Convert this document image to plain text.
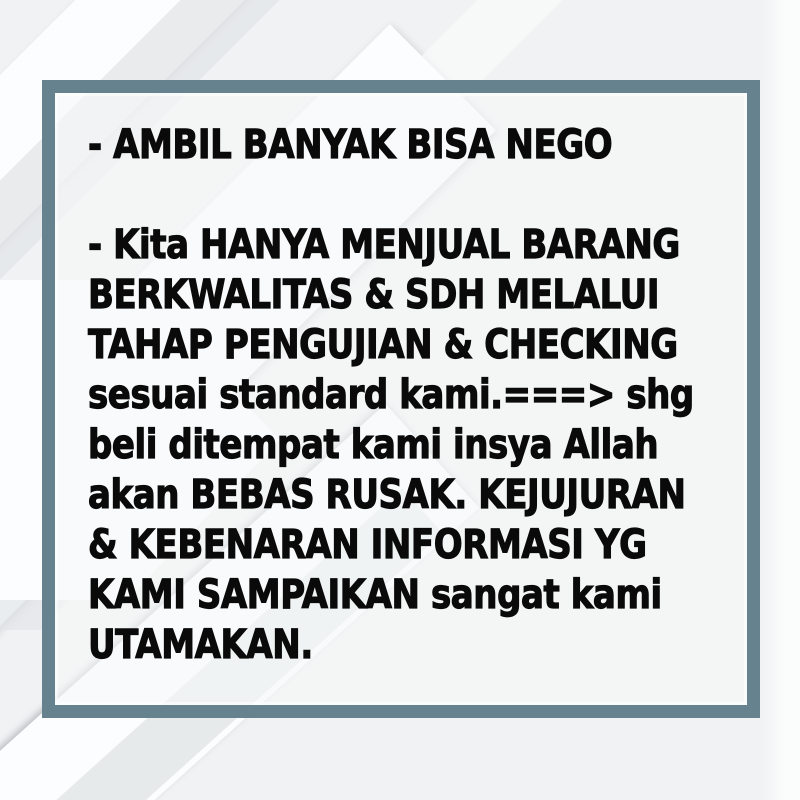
- AMBIL BANYAK BISA NEGO
- Kita HANYA MENJUAL BARANG
BERKWALITAS & SDH MELALUI
TAHAP PENGUJIAN & CHECKING
sesuai standard kami.===> shg
beli ditempat kami insya Allah
akan BEBAS RUSAK. KEJUJURAN
& KEBENARAN INFORMASI YG
KAMI SAMPAIKAN sangat kami
UTAMAKAN.
